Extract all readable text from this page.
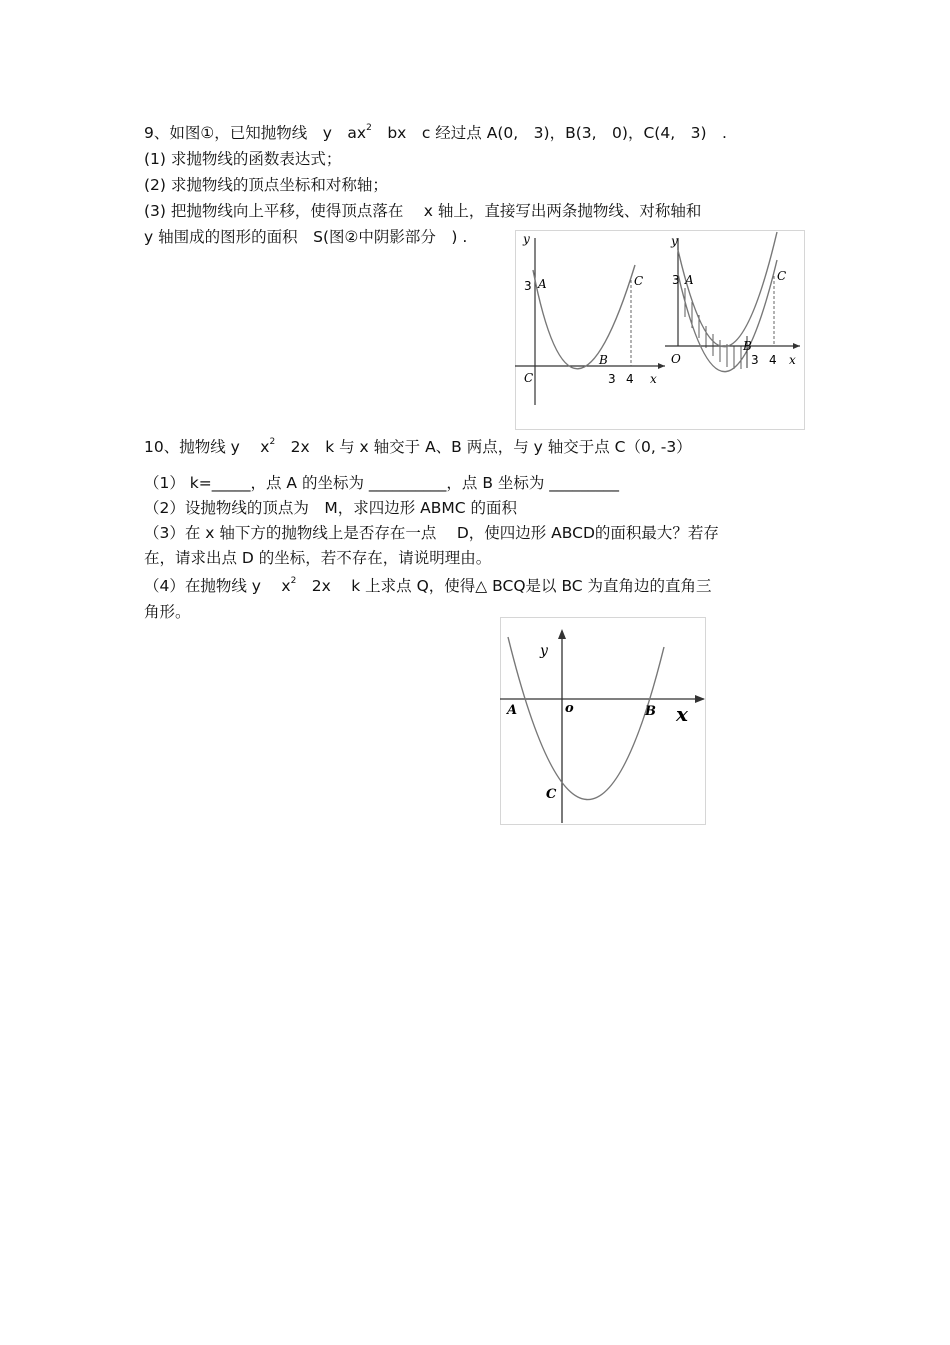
9、如图①，已知抛物线　y　$ax^2$　bx　c 经过点 A(0,　3)，B(3,　0)，C(4,　3)　.
(1) 求抛物线的函数表达式；
(2) 求抛物线的顶点坐标和对称轴；
(3) 把抛物线向上平移，使得顶点落在　 x 轴上，直接写出两条抛物线、对称轴和
y 轴围成的图形的面积　S(图②中阴影部分　) .	y
3 A	C
C
B
3 4 x
y
3 A	C
O
B
3 4 x
10、抛物线 y　 $x^2$　2x　k 与 x 轴交于 A、B 两点，与 y 轴交于点 C（0, -3）
（1） k=_____，点 A 的坐标为 __________，点 B 坐标为 _________
（2）设抛物线的顶点为　M，求四边形 ABMC 的面积
（3）在 x 轴下方的抛物线上是否存在一点　 D，使四边形 ABCD的面积最大？若存
在，请求出点 D 的坐标，若不存在，请说明理由。
（4）在抛物线 y　 $x^2$　2x　 k 上求点 Q，使得△ BCQ是以 BC 为直角边的直角三
角形。
y
A	o	B x
C
